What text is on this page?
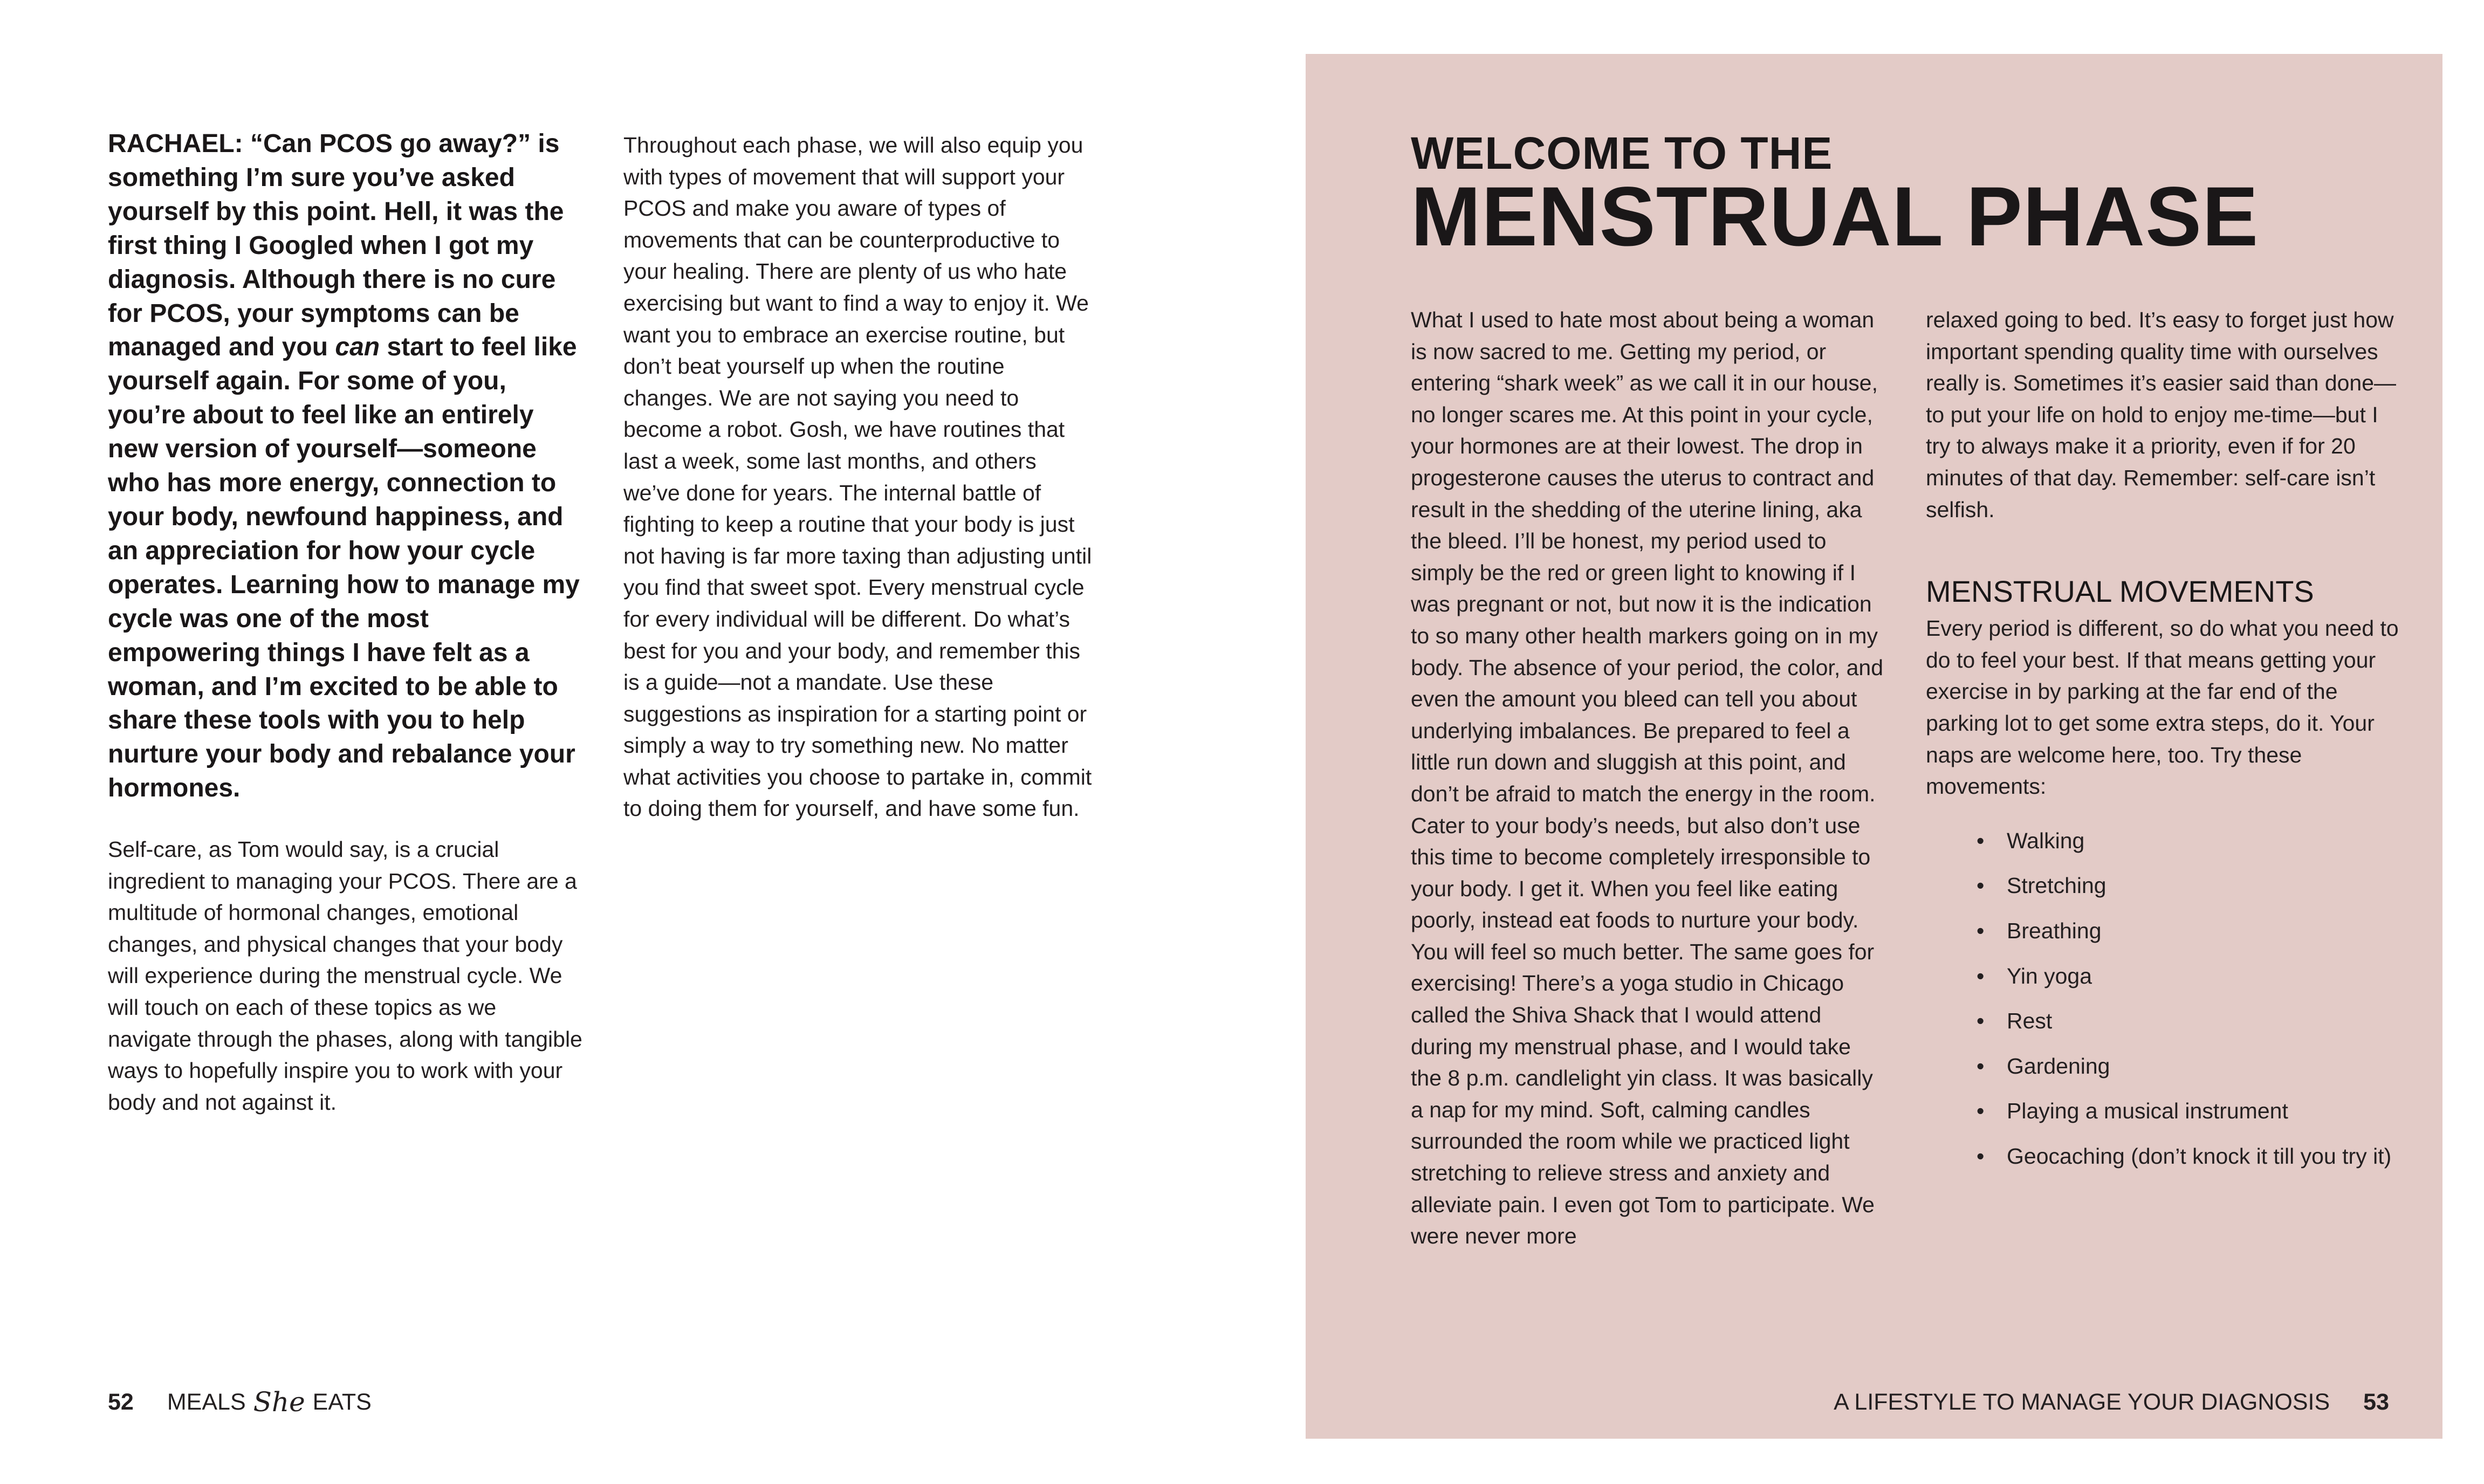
RACHAEL: “Can PCOS go away?” is something I’m sure you’ve asked yourself by this point. Hell, it was the first thing I Googled when I got my diagnosis. Although there is no cure for PCOS, your symptoms can be managed and you can start to feel like yourself again. For some of you, you’re about to feel like an entirely new version of yourself—someone who has more energy, connection to your body, newfound happiness, and an appreciation for how your cycle operates. Learning how to manage my cycle was one of the most empowering things I have felt as a woman, and I’m excited to be able to share these tools with you to help nurture your body and rebalance your hormones.

Self-care, as Tom would say, is a crucial ingredient to managing your PCOS. There are a multitude of hormonal changes, emotional changes, and physical changes that your body will experience during the menstrual cycle. We will touch on each of these topics as we navigate through the phases, along with tangible ways to hopefully inspire you to work with your body and not against it.

Throughout each phase, we will also equip you with types of movement that will support your PCOS and make you aware of types of movements that can be counterproductive to your healing. There are plenty of us who hate exercising but want to find a way to enjoy it. We want you to embrace an exercise routine, but don’t beat yourself up when the routine changes. We are not saying you need to become a robot. Gosh, we have routines that last a week, some last months, and others we’ve done for years. The internal battle of fighting to keep a routine that your body is just not having is far more taxing than adjusting until you find that sweet spot. Every menstrual cycle for every individual will be different. Do what’s best for you and your body, and remember this is a guide—not a mandate. Use these suggestions as inspiration for a starting point or simply a way to try something new. No matter what activities you choose to partake in, commit to doing them for yourself, and have some fun.

52 MEALS She EATS
WELCOME TO THE
MENSTRUAL PHASE

What I used to hate most about being a woman is now sacred to me. Getting my period, or entering “shark week” as we call it in our house, no longer scares me. At this point in your cycle, your hormones are at their lowest. The drop in progesterone causes the uterus to contract and result in the shedding of the uterine lining, aka the bleed. I’ll be honest, my period used to simply be the red or green light to knowing if I was pregnant or not, but now it is the indication to so many other health markers going on in my body. The absence of your period, the color, and even the amount you bleed can tell you about underlying imbalances. Be prepared to feel a little run down and sluggish at this point, and don’t be afraid to match the energy in the room. Cater to your body’s needs, but also don’t use this time to become completely irresponsible to your body. I get it. When you feel like eating poorly, instead eat foods to nurture your body. You will feel so much better. The same goes for exercising! There’s a yoga studio in Chicago called the Shiva Shack that I would attend during my menstrual phase, and I would take the 8 p.m. candlelight yin class. It was basically a nap for my mind. Soft, calming candles surrounded the room while we practiced light stretching to relieve stress and anxiety and alleviate pain. I even got Tom to participate. We were never more

relaxed going to bed. It’s easy to forget just how important spending quality time with ourselves really is. Sometimes it’s easier said than done—to put your life on hold to enjoy me-time—but I try to always make it a priority, even if for 20 minutes of that day. Remember: self-care isn’t selfish.

MENSTRUAL MOVEMENTS

Every period is different, so do what you need to do to feel your best. If that means getting your exercise in by parking at the far end of the parking lot to get some extra steps, do it. Your naps are welcome here, too. Try these movements:

• Walking
• Stretching
• Breathing
• Yin yoga
• Rest
• Gardening
• Playing a musical instrument
• Geocaching (don’t knock it till you try it)
A LIFESTYLE TO MANAGE YOUR DIAGNOSIS 53
